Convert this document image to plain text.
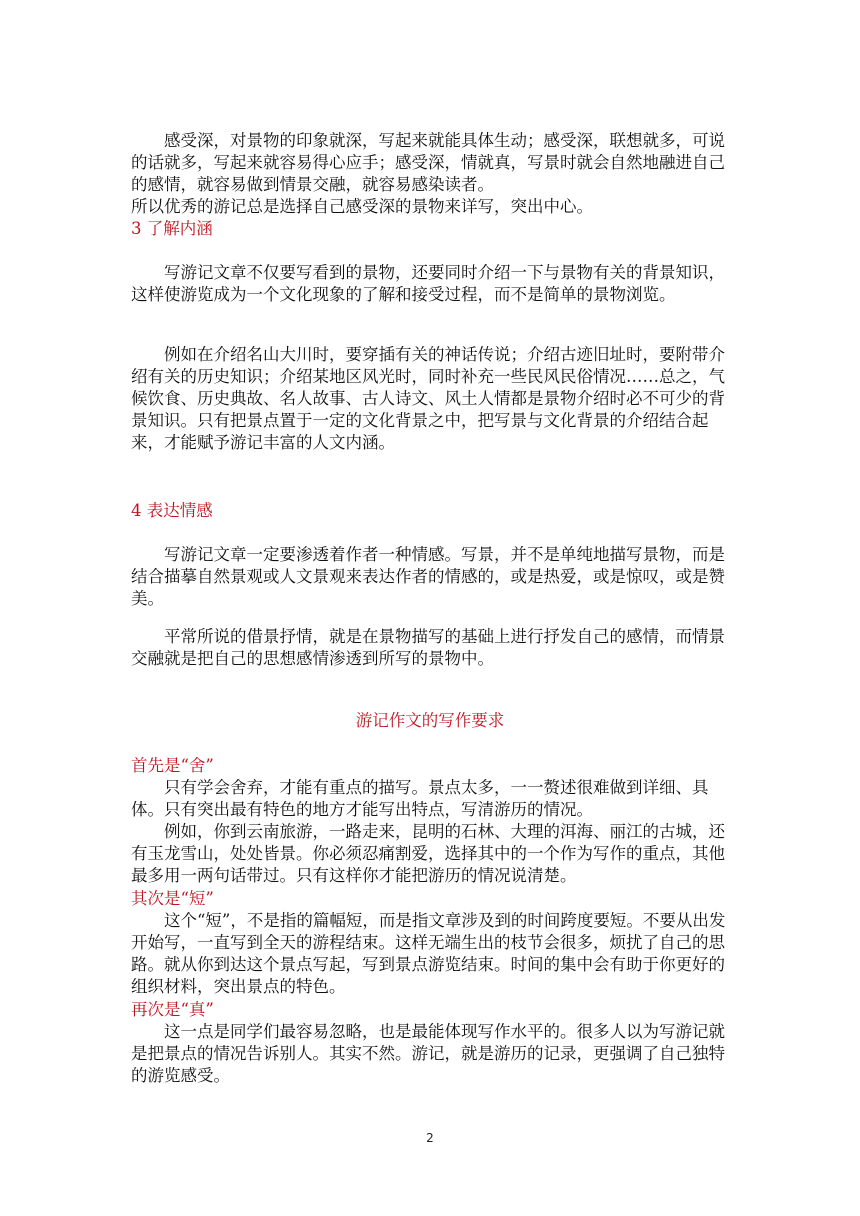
感受深，对景物的印象就深，写起来就能具体生动；感受深，联想就多，可说的话就多，写起来就容易得心应手；感受深，情就真，写景时就会自然地融进自己的感情，就容易做到情景交融，就容易感染读者。

所以优秀的游记总是选择自己感受深的景物来详写，突出中心。

3 了解内涵

写游记文章不仅要写看到的景物，还要同时介绍一下与景物有关的背景知识，这样使游览成为一个文化现象的了解和接受过程，而不是简单的景物浏览。

例如在介绍名山大川时，要穿插有关的神话传说；介绍古迹旧址时，要附带介绍有关的历史知识；介绍某地区风光时，同时补充一些民风民俗情况……总之，气候饮食、历史典故、名人故事、古人诗文、风土人情都是景物介绍时必不可少的背景知识。只有把景点置于一定的文化背景之中，把写景与文化背景的介绍结合起来，才能赋予游记丰富的人文内涵。

4 表达情感

写游记文章一定要渗透着作者一种情感。写景，并不是单纯地描写景物，而是结合描摹自然景观或人文景观来表达作者的情感的，或是热爱，或是惊叹，或是赞美。

平常所说的借景抒情，就是在景物描写的基础上进行抒发自己的感情，而情景交融就是把自己的思想感情渗透到所写的景物中。

游记作文的写作要求
首先是“舍”

只有学会舍弃，才能有重点的描写。景点太多，一一赘述很难做到详细、具体。只有突出最有特色的地方才能写出特点，写清游历的情况。

例如，你到云南旅游，一路走来，昆明的石林、大理的洱海、丽江的古城，还有玉龙雪山，处处皆景。你必须忍痛割爱，选择其中的一个作为写作的重点，其他最多用一两句话带过。只有这样你才能把游历的情况说清楚。

其次是“短”

这个“短”，不是指的篇幅短，而是指文章涉及到的时间跨度要短。不要从出发开始写，一直写到全天的游程结束。这样无端生出的枝节会很多，烦扰了自己的思路。就从你到达这个景点写起，写到景点游览结束。时间的集中会有助于你更好的组织材料，突出景点的特色。

再次是“真”

这一点是同学们最容易忽略，也是最能体现写作水平的。很多人以为写游记就是把景点的情况告诉别人。其实不然。游记，就是游历的记录，更强调了自己独特的游览感受。

2
